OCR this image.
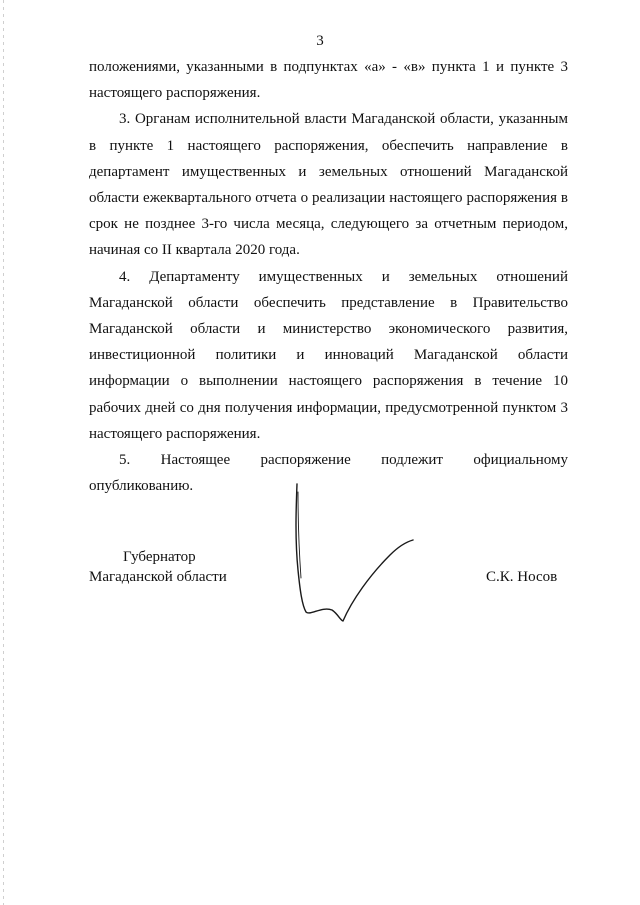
3

положениями, указанными в подпунктах «а» - «в» пункта 1 и пункте 3 настоящего распоряжения.

3. Органам исполнительной власти Магаданской области, указанным в пункте 1 настоящего распоряжения, обеспечить направление в департамент имущественных и земельных отношений Магаданской области ежеквартального отчета о реализации настоящего распоряжения в срок не позднее 3-го числа месяца, следующего за отчетным периодом, начиная со II квартала 2020 года.

4. Департаменту имущественных и земельных отношений Магаданской области обеспечить представление в Правительство Магаданской области и министерство экономического развития, инвестиционной политики и инноваций Магаданской области информации о выполнении настоящего распоряжения в течение 10 рабочих дней со дня получения информации, предусмотренной пунктом 3 настоящего распоряжения.

5. Настоящее распоряжение подлежит официальному опубликованию.

Губернатор
Магаданской области	С.К. Носов
